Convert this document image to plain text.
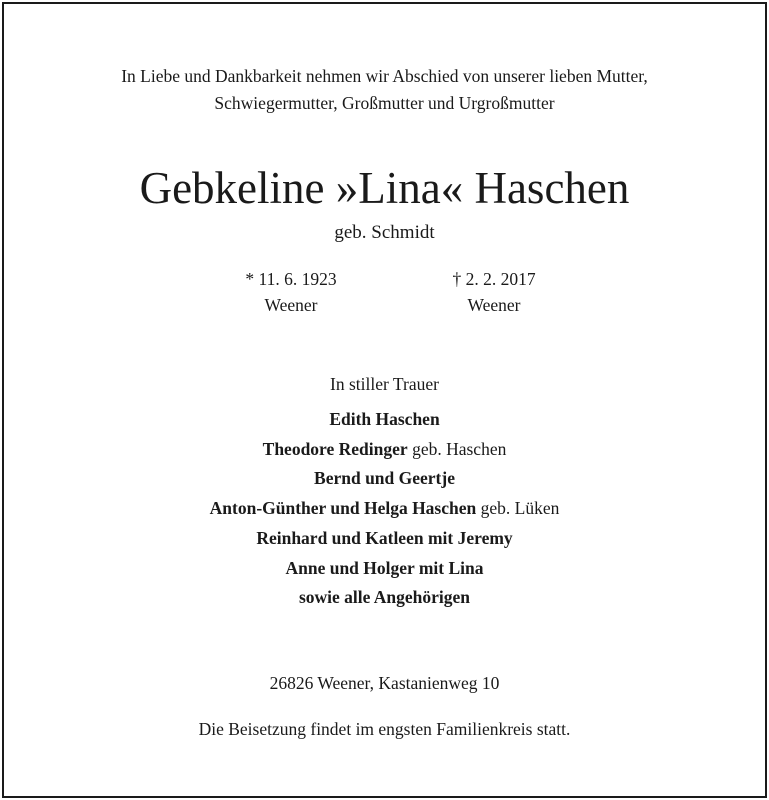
In Liebe und Dankbarkeit nehmen wir Abschied von unserer lieben Mutter,
Schwiegermutter, Großmutter und Urgroßmutter
Gebkeline »Lina« Haschen
geb. Schmidt
* 11. 6. 1923
Weener
† 2. 2. 2017
Weener
In stiller Trauer
Edith Haschen
Theodore Redinger geb. Haschen
Bernd und Geertje
Anton-Günther und Helga Haschen geb. Lüken
Reinhard und Katleen mit Jeremy
Anne und Holger mit Lina
sowie alle Angehörigen
26826 Weener, Kastanienweg 10
Die Beisetzung findet im engsten Familienkreis statt.
